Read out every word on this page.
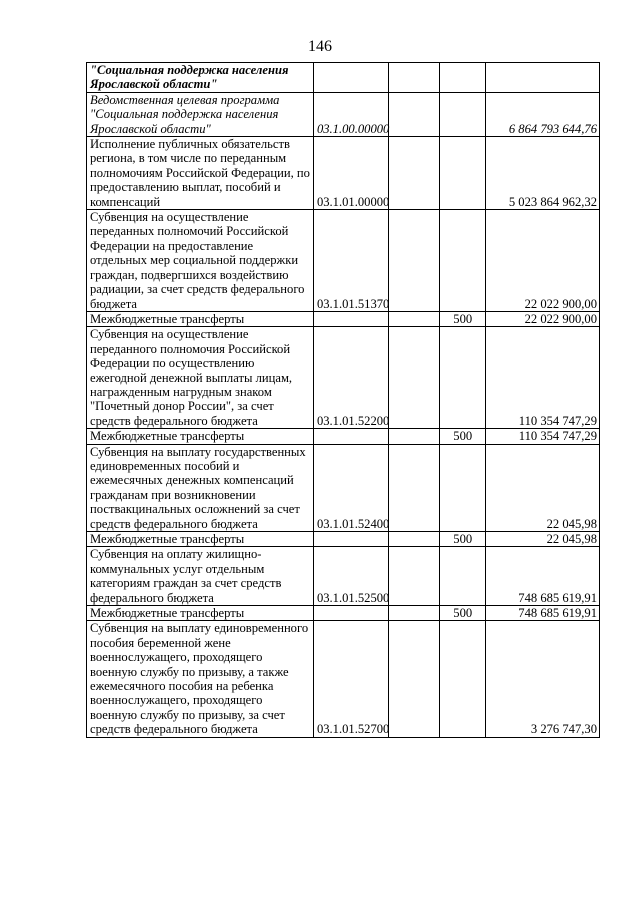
146
"Социальная поддержка населения Ярославской области"				
Ведомственная целевая программа "Социальная поддержка населения Ярославской области"	03.1.00.00000			6 864 793 644,76
Исполнение публичных обязательств региона, в том числе по переданным полномочиям Российской Федерации, по предоставлению выплат, пособий и компенсаций	03.1.01.00000			5 023 864 962,32
Субвенция на осуществление переданных полномочий Российской Федерации на предоставление отдельных мер социальной поддержки граждан, подвергшихся воздействию радиации, за счет средств федерального бюджета	03.1.01.51370			22 022 900,00
Межбюджетные трансферты			500	22 022 900,00
Субвенция на осуществление переданного полномочия Российской Федерации по осуществлению ежегодной денежной выплаты лицам, награжденным нагрудным знаком "Почетный донор России", за счет средств федерального бюджета	03.1.01.52200			110 354 747,29
Межбюджетные трансферты			500	110 354 747,29
Субвенция на выплату государственных единовременных пособий и ежемесячных денежных компенсаций гражданам при возникновении поствакцинальных осложнений за счет средств федерального бюджета	03.1.01.52400			22 045,98
Межбюджетные трансферты			500	22 045,98
Субвенция на оплату жилищно-коммунальных услуг отдельным категориям граждан за счет средств федерального бюджета	03.1.01.52500			748 685 619,91
Межбюджетные трансферты			500	748 685 619,91
Субвенция на выплату единовременного пособия беременной жене военнослужащего, проходящего военную службу по призыву, а также ежемесячного пособия на ребенка военнослужащего, проходящего военную службу по призыву, за счет средств федерального бюджета	03.1.01.52700			3 276 747,30
